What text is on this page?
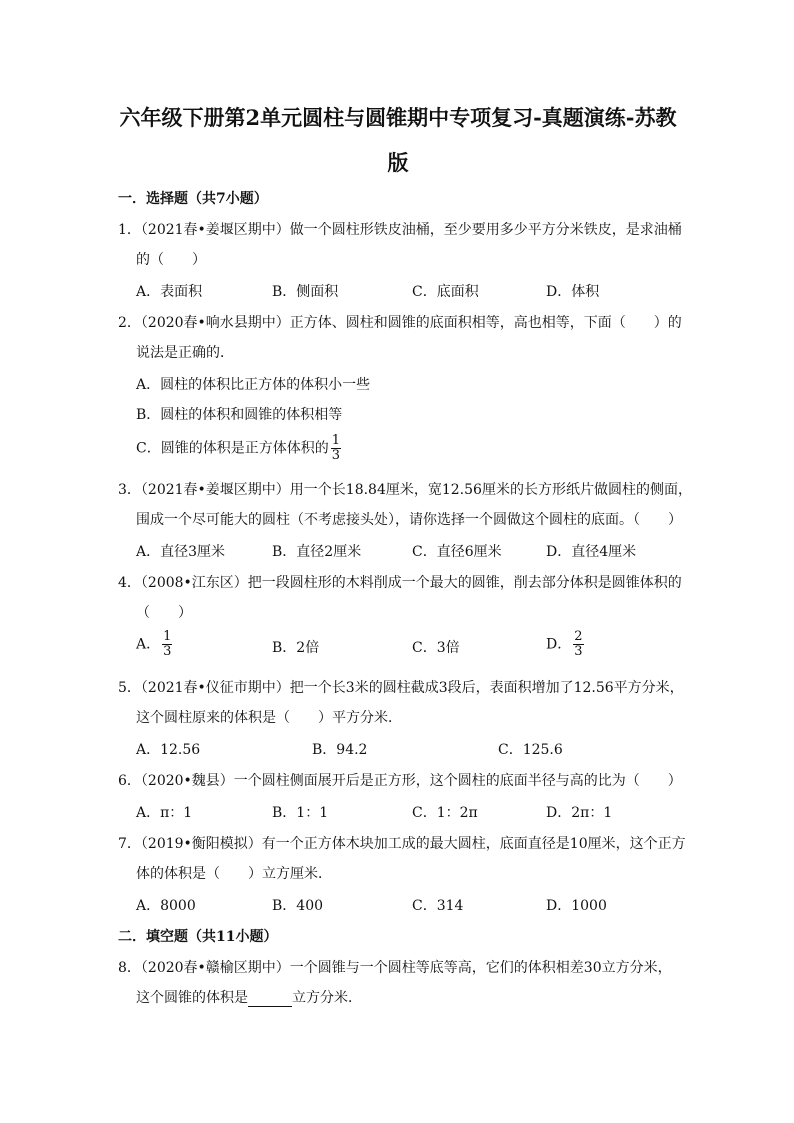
六年级下册第2单元圆柱与圆锥期中专项复习-真题演练-苏教
版
一．选择题（共7小题）
1．（2021春•姜堰区期中）做一个圆柱形铁皮油桶，至少要用多少平方分米铁皮，是求油桶
的（　　）
A．表面积	B．侧面积	C．底面积	D．体积
2．（2020春•响水县期中）正方体、圆柱和圆锥的底面积相等，高也相等，下面（　　）的
说法是正确的．
A．圆柱的体积比正方体的体积小一些
B．圆柱的体积和圆锥的体积相等
C．圆锥的体积是正方体体积的 $\frac{1}{3}$
3．（2021春•姜堰区期中）用一个长18.84厘米，宽12.56厘米的长方形纸片做圆柱的侧面，
围成一个尽可能大的圆柱（不考虑接头处），请你选择一个圆做这个圆柱的底面。（　　）
A．直径3厘米	B．直径2厘米	C．直径6厘米	D．直径4厘米
4．（2008•江东区）把一段圆柱形的木料削成一个最大的圆锥，削去部分体积是圆锥体积的
（　　）
A． $\frac{1}{3}$	B．2倍	C．3倍	D． $\frac{2}{3}$
5．（2021春•仪征市期中）把一个长3米的圆柱截成3段后，表面积增加了12.56平方分米，
这个圆柱原来的体积是（　　）平方分米．
A．12.56	B．94.2	C．125.6
6．（2020•魏县）一个圆柱侧面展开后是正方形，这个圆柱的底面半径与高的比为（　　）
A．π：1	B．1：1	C．1：2π	D．2π：1
7．（2019•衡阳模拟）有一个正方体木块加工成的最大圆柱，底面直径是10厘米，这个正方
体的体积是（　　）立方厘米．
A．8000	B．400	C．314	D．1000
二．填空题（共11小题）
8．（2020春•赣榆区期中）一个圆锥与一个圆柱等底等高，它们的体积相差30立方分米，
这个圆锥的体积是	立方分米．
